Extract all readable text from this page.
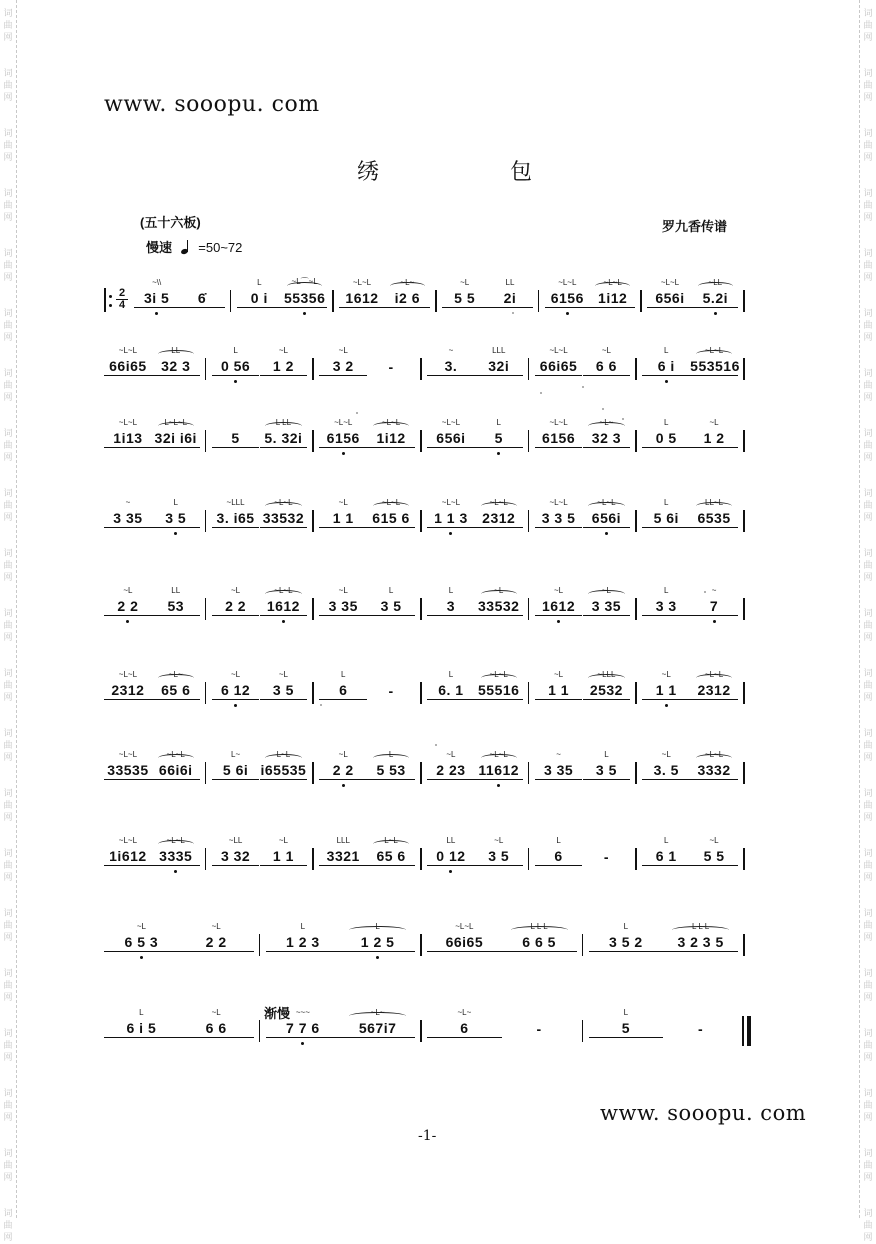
词
曲
网
词
曲
网
词
曲
网
词
曲
网
词
曲
网
词
曲
网
词
曲
网
词
曲
网
词
曲
网
词
曲
网
词
曲
网
词
曲
网
词
曲
网
词
曲
网
词
曲
网
词
曲
网
词
曲
网
词
曲
网
词
曲
网
词
曲
网
词
曲
网
词
曲
网
词
曲
网
词
曲
网
词
曲
网
词
曲
网
词
曲
网
词
曲
网
词
曲
网
词
曲
网
词
曲
网
词
曲
网
词
曲
网
词
曲
网
词
曲
网
词
曲
网
词
曲
网
词
曲
网
词
曲
网
词
曲
网
词
曲
网
词
曲
网
www. sooopu. com
绣	包
(五十六板)	罗九香传谱
慢速 =50~72
渐慢
2
4
~\\
3i 5	6̇
L
0 i
~L⌒~L
55356
~L~L
1612
~L~
i2 6
~L
5 5
LL
2i
~L~L
6156
~L~L
1i12
~L~L
656i
~LL
5.2i
~L~L
66i65
LL
32 3
L
0 56
~L
1 2
~L
3 2	-
~
3.
LLL
32i
~L~L
66i65
~L
6 6
L
6 i
~L~L
553516
~L~L
1i13
L~L~L
32i i6i	5
L LL
5. 32i
~L~L
6156
~L~L
1i12
~L~L
656i
L
5
~L~L
6156
~L~
32 3
L
0 5
~L
1 2
~
3 35
L
3 5
~LLL
3. i65
~L~L
33532
~L
1 1
~L~L
615 6
~L~L
1 1 3
~L~L
2312
~L~L
3 3 5
~L~L
656i
L
5 6i
LL~L
6535
~L
2 2
LL
53
~L
2 2
~L~L
1612
~L
3 35
L
3 5
L
3
~L
33532
~L
1612
~L
3 35
L
3 3
~
7
~L~L
2312
~L~
65 6
~L
6 12
~L
3 5
L
6	-
L
6. 1
~L~L
55516
~L
1 1
~LLL
2532
~L
1 1
~L~L
2312
~L~L
33535
~L~L
66i6i
L~
5 6i
L~L
i65535
~L
2 2
L
5 53
~L
2 23
~L~L
11612
~
3 35
L
3 5
~L
3. 5
~L~L
3332
~L~L
1i612
~L~L
3335
~LL
3 32
~L
1 1
LLL
3321
L~L
65 6
LL
0 12
~L
3 5
L
6	-
L
6 1
~L
5 5
~L
6 5 3
~L
2 2
L
1 2 3
L
1 2 5
~L~L
66i65
L L L
6 6 5
L
3 5 2
L L L
3 2 3 5
L
6 i 5
~L
6 6
~~~
7 7 6
~L~
567i7
~L~
6	-
L
5	-
www. sooopu. com
-1-
